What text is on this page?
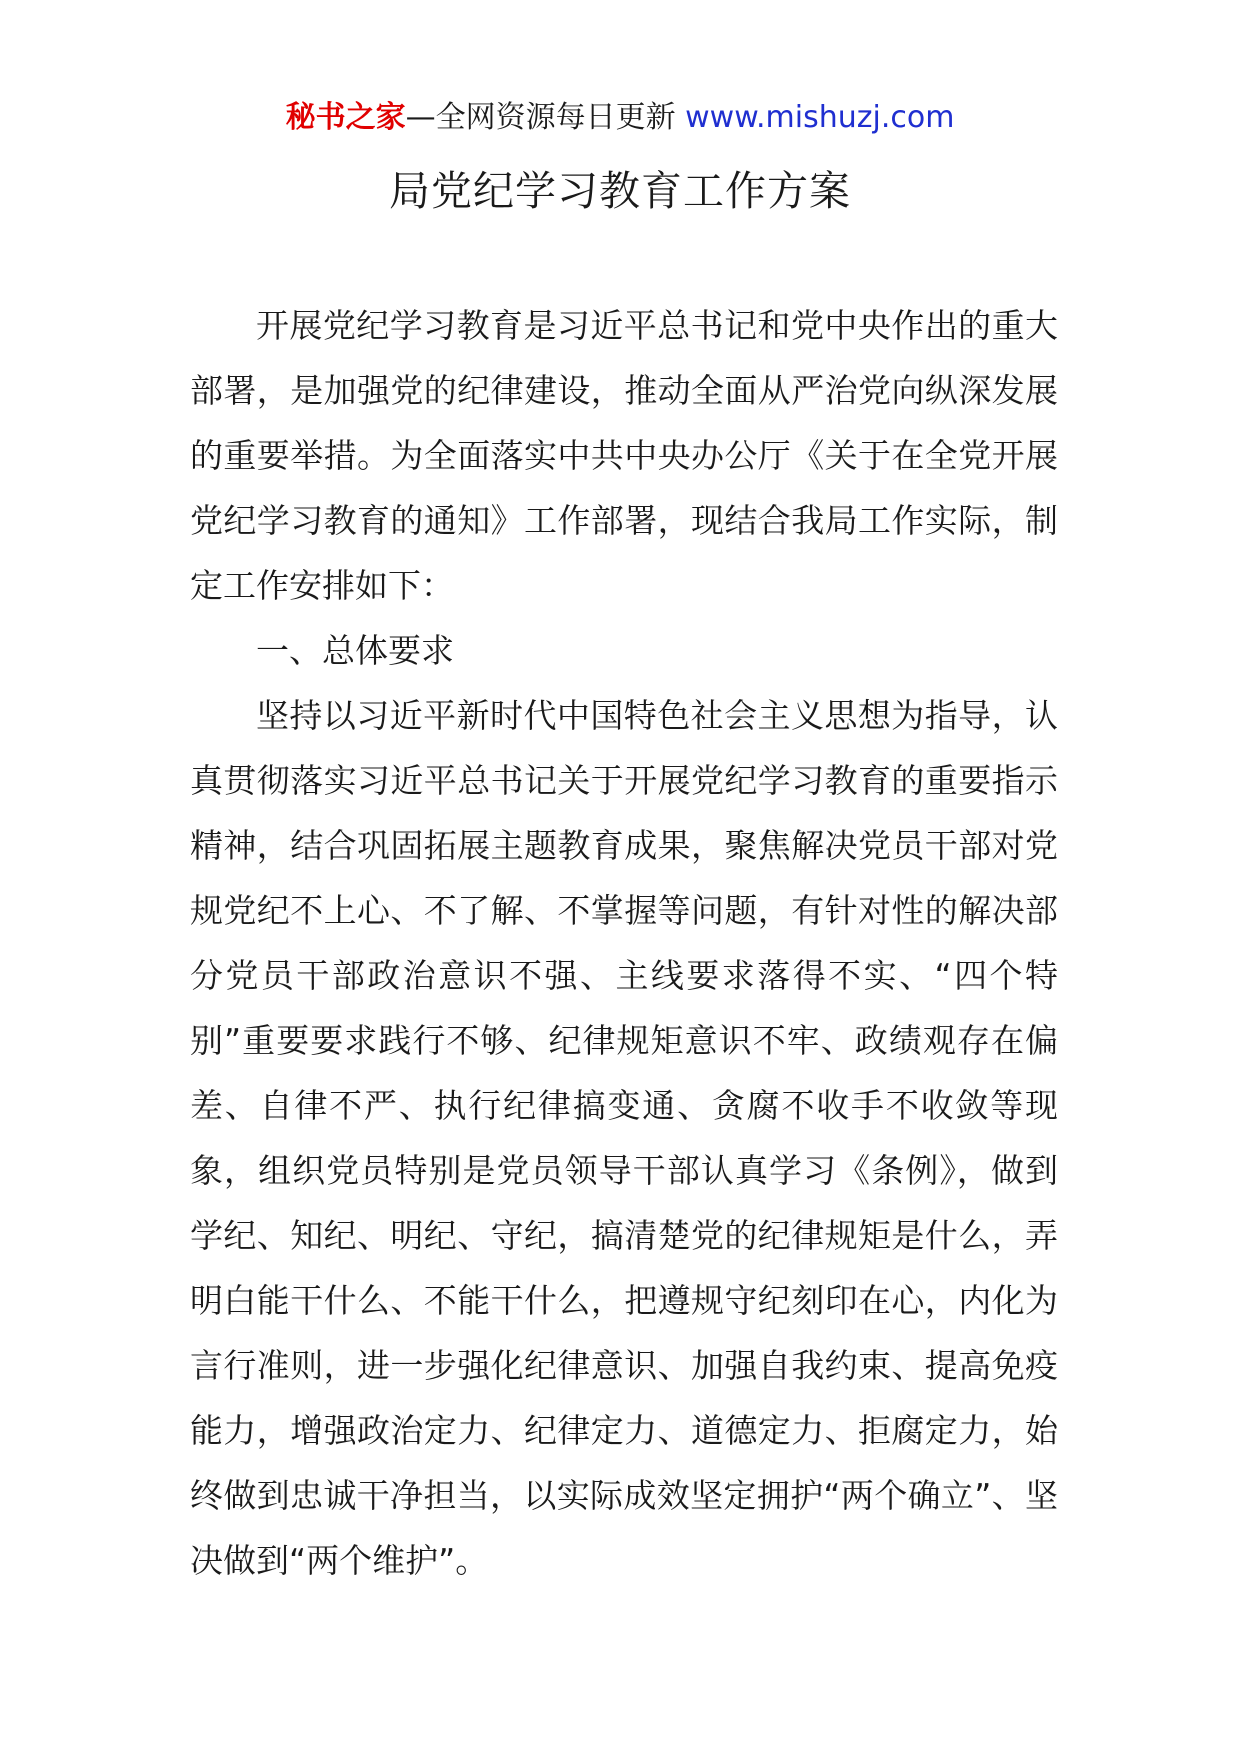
秘书之家—全网资源每日更新 www.mishuzj.com
局党纪学习教育工作方案

开展党纪学习教育是习近平总书记和党中央作出的重大部署，是加强党的纪律建设，推动全面从严治党向纵深发展的重要举措。为全面落实中共中央办公厅《关于在全党开展党纪学习教育的通知》工作部署，现结合我局工作实际，制定工作安排如下：

一、总体要求

坚持以习近平新时代中国特色社会主义思想为指导，认真贯彻落实习近平总书记关于开展党纪学习教育的重要指示精神，结合巩固拓展主题教育成果，聚焦解决党员干部对党规党纪不上心、不了解、不掌握等问题，有针对性的解决部分党员干部政治意识不强、主线要求落得不实、“四个特别”重要要求践行不够、纪律规矩意识不牢、政绩观存在偏差、自律不严、执行纪律搞变通、贪腐不收手不收敛等现象，组织党员特别是党员领导干部认真学习《条例》，做到学纪、知纪、明纪、守纪，搞清楚党的纪律规矩是什么，弄明白能干什么、不能干什么，把遵规守纪刻印在心，内化为言行准则，进一步强化纪律意识、加强自我约束、提高免疫能力，增强政治定力、纪律定力、道德定力、拒腐定力，始终做到忠诚干净担当，以实际成效坚定拥护“两个确立”、坚决做到“两个维护”。
